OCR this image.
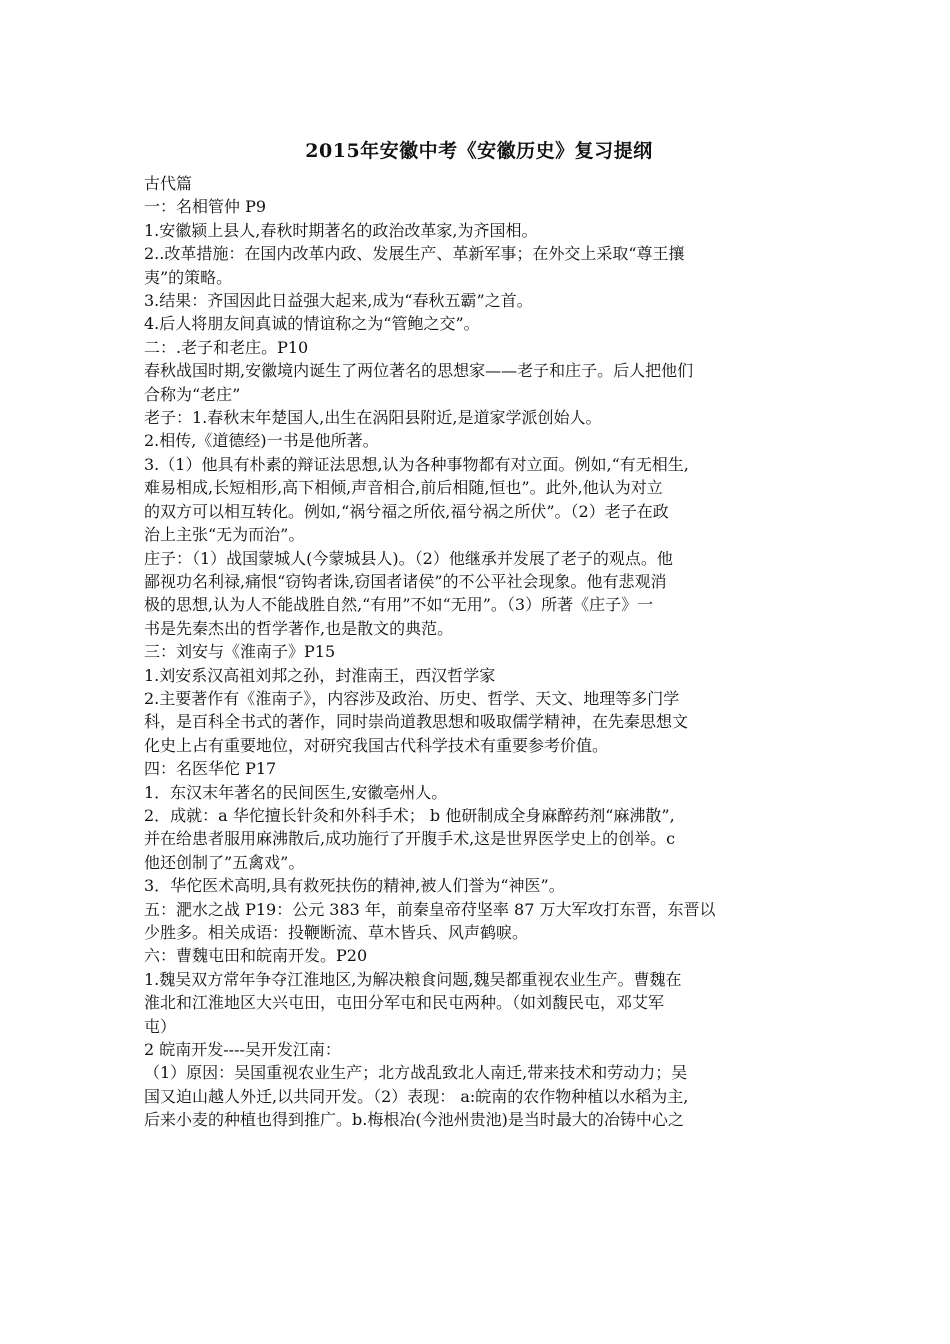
2015年安徽中考《安徽历史》复习提纲
古代篇
一：名相管仲 P9
1.安徽颍上县人,春秋时期著名的政治改革家,为齐国相。
2..改革措施：在国内改革内政、发展生产、革新军事；在外交上采取“尊王攘
夷”的策略。
3.结果：齐国因此日益强大起来,成为“春秋五霸”之首。
4.后人将朋友间真诚的情谊称之为“管鲍之交”。
二：.老子和老庄。P10
春秋战国时期,安徽境内诞生了两位著名的思想家——老子和庄子。后人把他们
合称为“老庄”
老子：1.春秋末年楚国人,出生在涡阳县附近,是道家学派创始人。
2.相传,《道德经)一书是他所著。
3.（1）他具有朴素的辩证法思想,认为各种事物都有对立面。例如,“有无相生,
难易相成,长短相形,高下相倾,声音相合,前后相随,恒也”。此外,他认为对立
的双方可以相互转化。例如,“祸兮福之所依,福兮祸之所伏”。（2）老子在政
治上主张“无为而治”。
庄子：（1）战国蒙城人(今蒙城县人)。（2）他继承并发展了老子的观点。他
鄙视功名利禄,痛恨“窃钩者诛,窃国者诸侯”的不公平社会现象。他有悲观消
极的思想,认为人不能战胜自然,“有用”不如“无用”。（3）所著《庄子》一
书是先秦杰出的哲学著作,也是散文的典范。
三：刘安与《淮南子》P15
1.刘安系汉高祖刘邦之孙，封淮南王，西汉哲学家
2.主要著作有《淮南子》，内容涉及政治、历史、哲学、天文、地理等多门学
科，是百科全书式的著作，同时崇尚道教思想和吸取儒学精神，在先秦思想文
化史上占有重要地位，对研究我国古代科学技术有重要参考价值。
四：名医华佗 P17
1．东汉末年著名的民间医生,安徽亳州人。
2．成就：a 华佗擅长针灸和外科手术； b 他研制成全身麻醉药剂“麻沸散”,
并在给患者服用麻沸散后,成功施行了开腹手术,这是世界医学史上的创举。c
他还创制了”五禽戏”。
3．华佗医术高明,具有救死扶伤的精神,被人们誉为“神医”。
五：淝水之战 P19：公元 383 年，前秦皇帝苻坚率 87 万大军攻打东晋，东晋以
少胜多。相关成语：投鞭断流、草木皆兵、风声鹤唳。
六：曹魏屯田和皖南开发。P20
1.魏吴双方常年争夺江淮地区,为解决粮食问题,魏吴都重视农业生产。曹魏在
淮北和江淮地区大兴屯田，屯田分军屯和民屯两种。（如刘馥民屯，邓艾军
屯）
2 皖南开发----吴开发江南：
（1）原因：吴国重视农业生产；北方战乱致北人南迁,带来技术和劳动力；吴
国又迫山越人外迁,以共同开发。（2）表现： a:皖南的农作物种植以水稻为主,
后来小麦的种植也得到推广。b.梅根冶(今池州贵池)是当时最大的冶铸中心之
